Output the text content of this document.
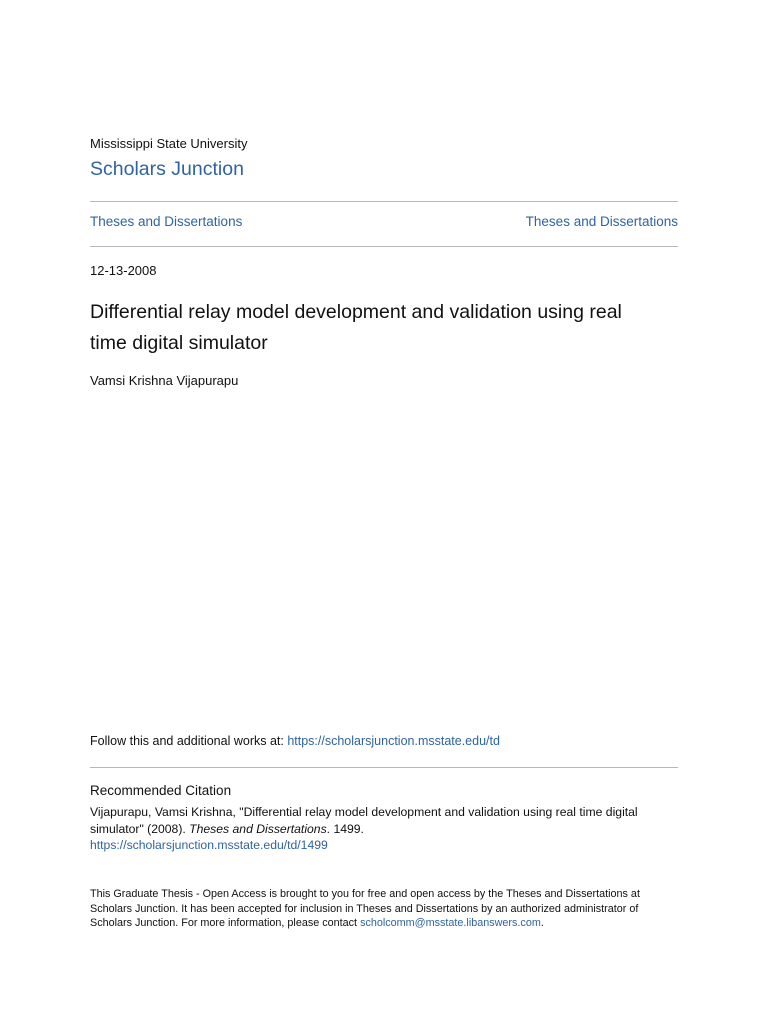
Mississippi State University
Scholars Junction
Theses and Dissertations	Theses and Dissertations
12-13-2008
Differential relay model development and validation using real
time digital simulator
Vamsi Krishna Vijapurapu
Follow this and additional works at: https://scholarsjunction.msstate.edu/td
Recommended Citation
Vijapurapu, Vamsi Krishna, "Differential relay model development and validation using real time digital
simulator" (2008). Theses and Dissertations. 1499.
https://scholarsjunction.msstate.edu/td/1499
This Graduate Thesis - Open Access is brought to you for free and open access by the Theses and Dissertations at
Scholars Junction. It has been accepted for inclusion in Theses and Dissertations by an authorized administrator of
Scholars Junction. For more information, please contact scholcomm@msstate.libanswers.com.
